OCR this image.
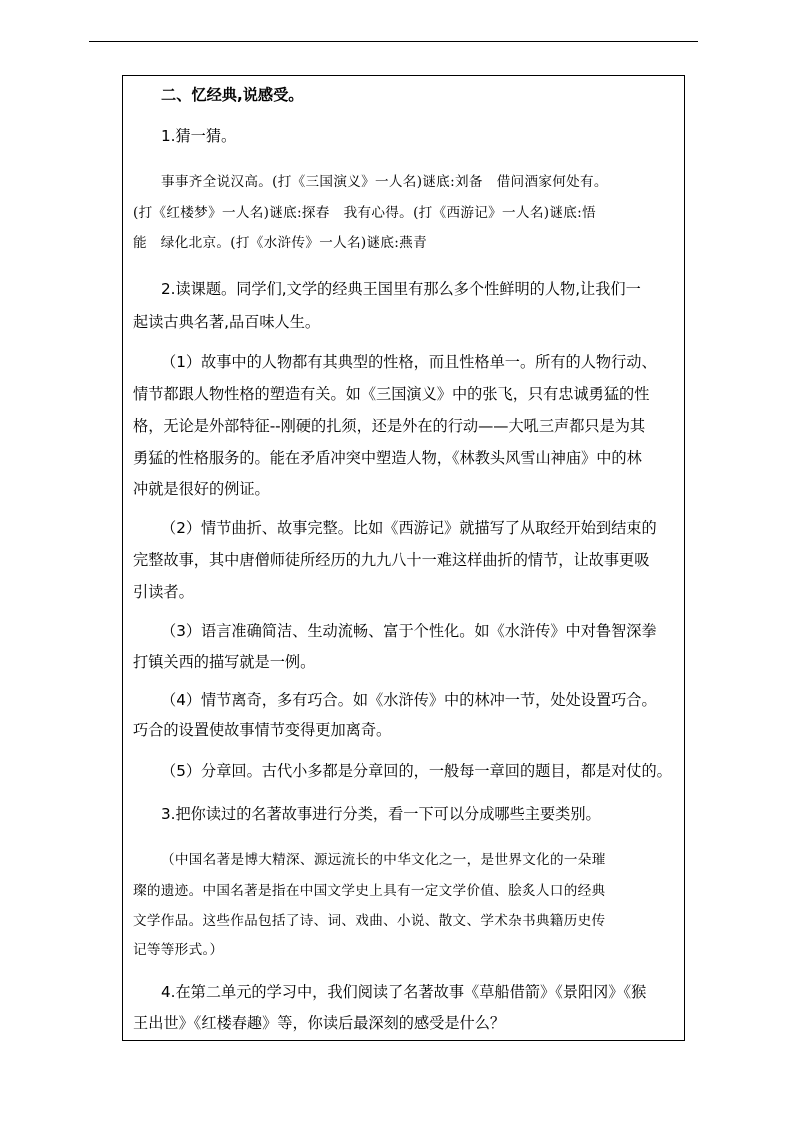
二、忆经典,说感受。

1.猜一猜。

事事齐全说汉高。(打《三国演义》一人名)谜底:刘备　借问酒家何处有。

(打《红楼梦》一人名)谜底:探春　我有心得。(打《西游记》一人名)谜底:悟

能　绿化北京。(打《水浒传》一人名)谜底:燕青

2.读课题。同学们,文学的经典王国里有那么多个性鲜明的人物,让我们一

起读古典名著,品百味人生。

（1）故事中的人物都有其典型的性格，而且性格单一。所有的人物行动、

情节都跟人物性格的塑造有关。如《三国演义》中的张飞，只有忠诚勇猛的性

格，无论是外部特征--刚硬的扎须，还是外在的行动——大吼三声都只是为其

勇猛的性格服务的。能在矛盾冲突中塑造人物，《林教头风雪山神庙》中的林

冲就是很好的例证。

（2）情节曲折、故事完整。比如《西游记》就描写了从取经开始到结束的

完整故事，其中唐僧师徒所经历的九九八十一难这样曲折的情节，让故事更吸

引读者。

（3）语言准确简洁、生动流畅、富于个性化。如《水浒传》中对鲁智深拳

打镇关西的描写就是一例。

（4）情节离奇，多有巧合。如《水浒传》中的林冲一节，处处设置巧合。

巧合的设置使故事情节变得更加离奇。

（5）分章回。古代小多都是分章回的，一般每一章回的题目，都是对仗的。

3.把你读过的名著故事进行分类，看一下可以分成哪些主要类别。

（中国名著是博大精深、源远流长的中华文化之一，是世界文化的一朵璀

璨的遗迹。中国名著是指在中国文学史上具有一定文学价值、脍炙人口的经典

文学作品。这些作品包括了诗、词、戏曲、小说、散文、学术杂书典籍历史传

记等等形式。）

4.在第二单元的学习中，我们阅读了名著故事《草船借箭》《景阳冈》《猴

王出世》《红楼春趣》等，你读后最深刻的感受是什么？
